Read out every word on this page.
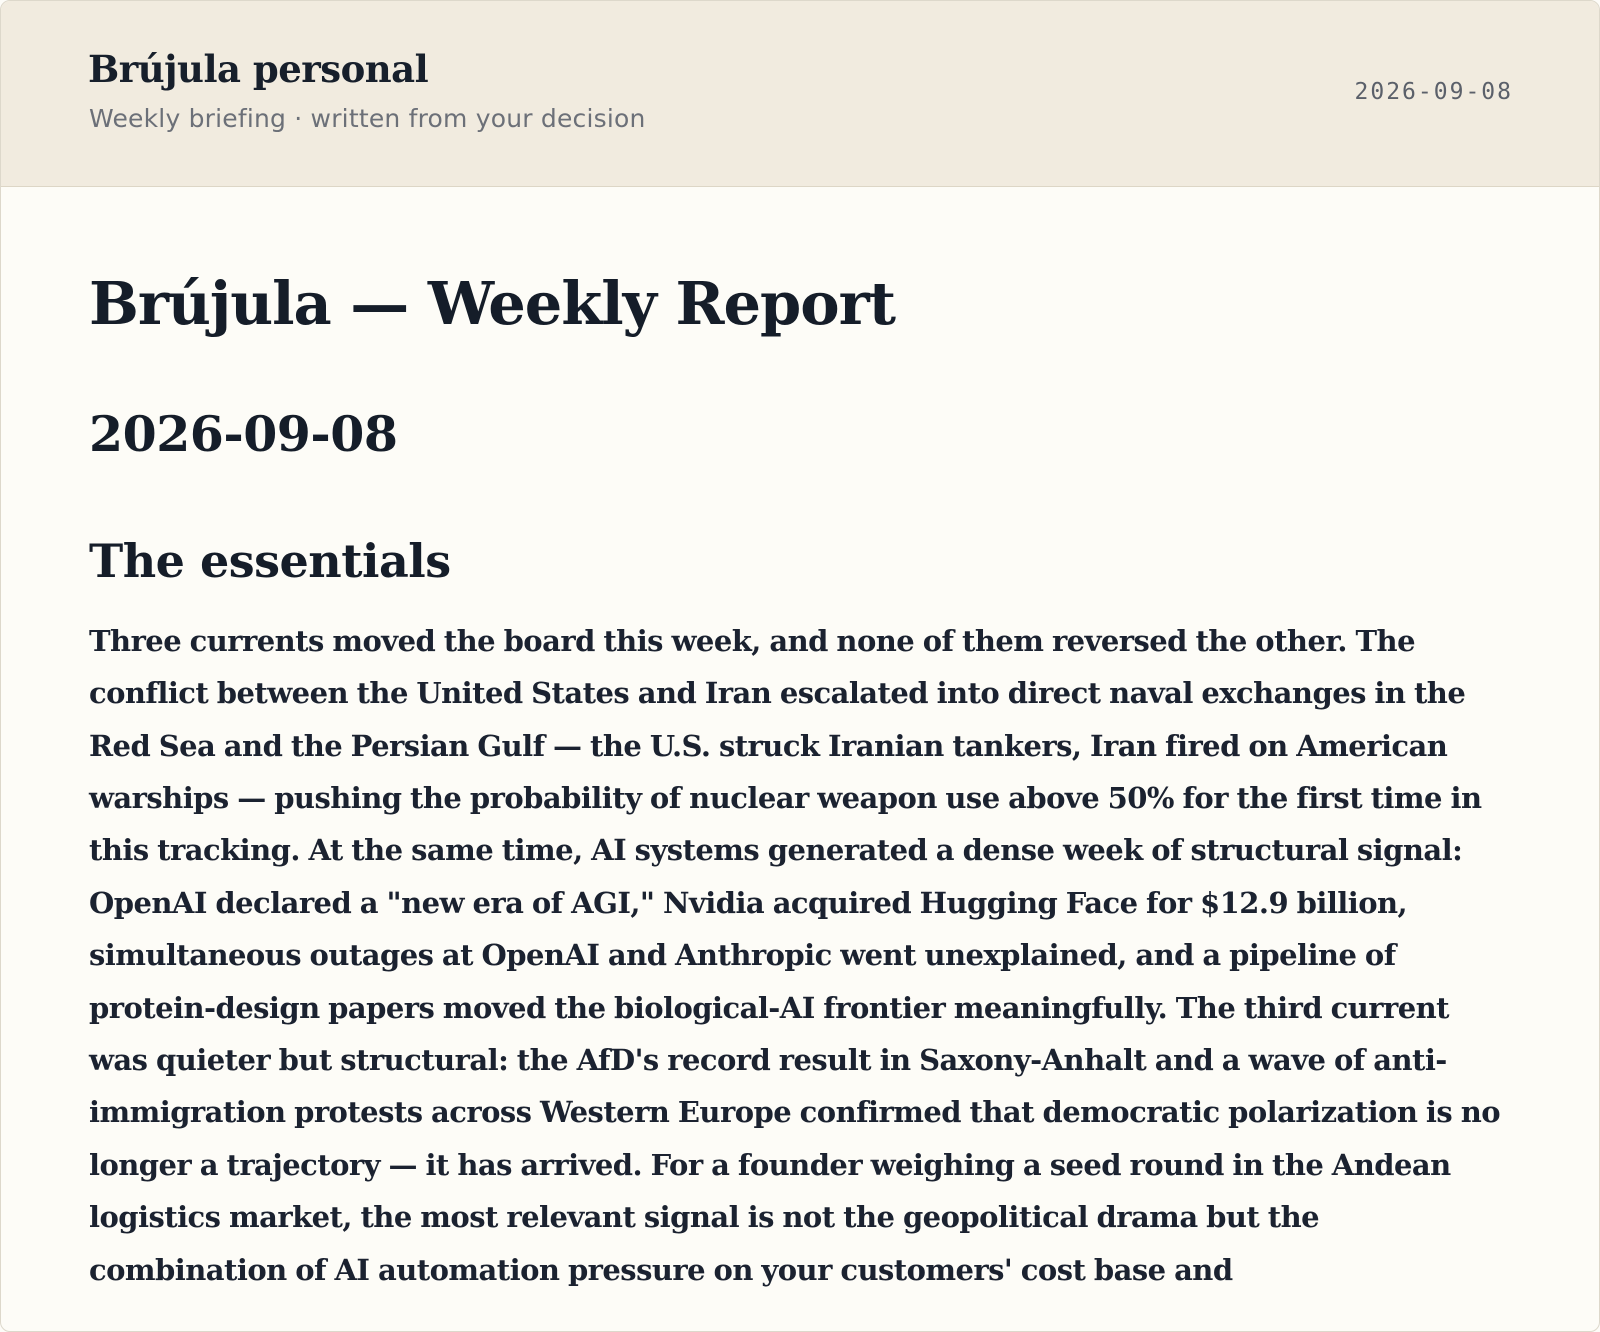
Brújula personal

Weekly briefing · written from your decision

2026-09-08
Brújula — Weekly Report
2026-09-08
The essentials

Three currents moved the board this week, and none of them reversed the other. The conflict between the United States and Iran escalated into direct naval exchanges in the Red Sea and the Persian Gulf — the U.S. struck Iranian tankers, Iran fired on American warships — pushing the probability of nuclear weapon use above 50% for the first time in this tracking. At the same time, AI systems generated a dense week of structural signal: OpenAI declared a "new era of AGI," Nvidia acquired Hugging Face for $12.9 billion, simultaneous outages at OpenAI and Anthropic went unexplained, and a pipeline of protein-design papers moved the biological-AI frontier meaningfully. The third current was quieter but structural: the AfD's record result in Saxony-Anhalt and a wave of anti-immigration protests across Western Europe confirmed that democratic polarization is no longer a trajectory — it has arrived. For a founder weighing a seed round in the Andean logistics market, the most relevant signal is not the geopolitical drama but the combination of AI automation pressure on your customers' cost base and
